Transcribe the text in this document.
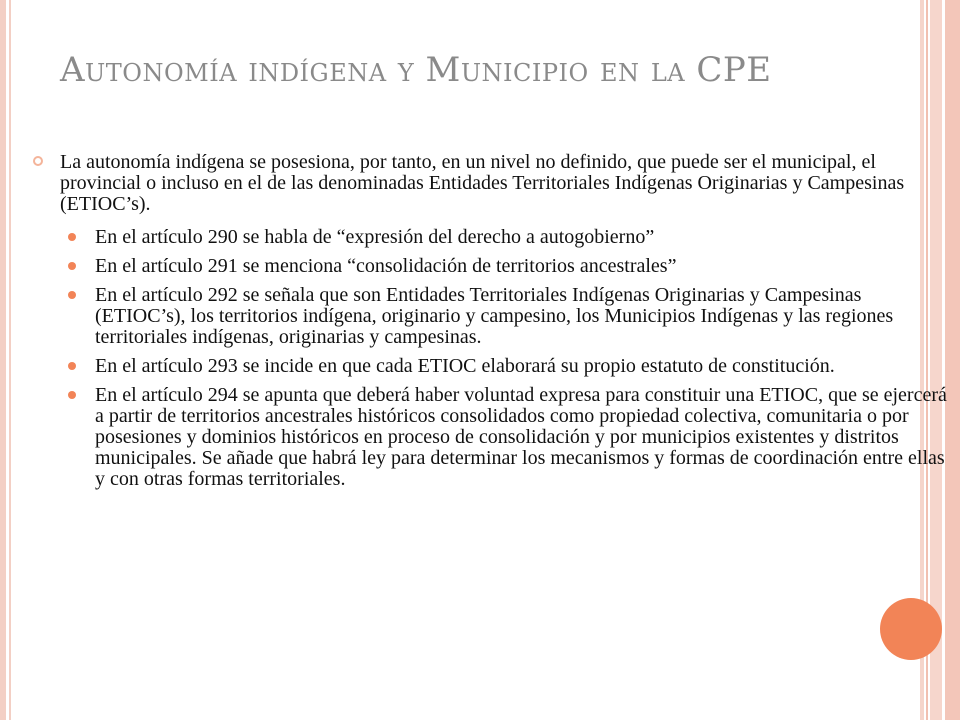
Autonomía indígena y Municipio en la CPE
La autonomía indígena se posesiona, por tanto, en un nivel no definido, que puede ser el municipal, el provincial o incluso en el de las denominadas Entidades Territoriales Indígenas Originarias y Campesinas (ETIOC’s).
En el artículo 290 se habla de “expresión del derecho a autogobierno”
En el artículo 291 se menciona “consolidación de territorios ancestrales”
En el artículo 292 se señala que son Entidades Territoriales Indígenas Originarias y Campesinas (ETIOC’s), los territorios indígena, originario y campesino, los Municipios Indígenas y las regiones territoriales indígenas, originarias y campesinas.
En el artículo 293 se incide en que cada ETIOC elaborará su propio estatuto de constitución.
En el artículo 294 se apunta que deberá haber voluntad expresa para constituir una ETIOC, que se ejercerá a partir de territorios ancestrales históricos consolidados como propiedad colectiva, comunitaria o por posesiones y dominios históricos en proceso de consolidación y por municipios existentes y distritos municipales. Se añade que habrá ley para determinar los mecanismos y formas de coordinación entre ellas y con otras formas territoriales.
